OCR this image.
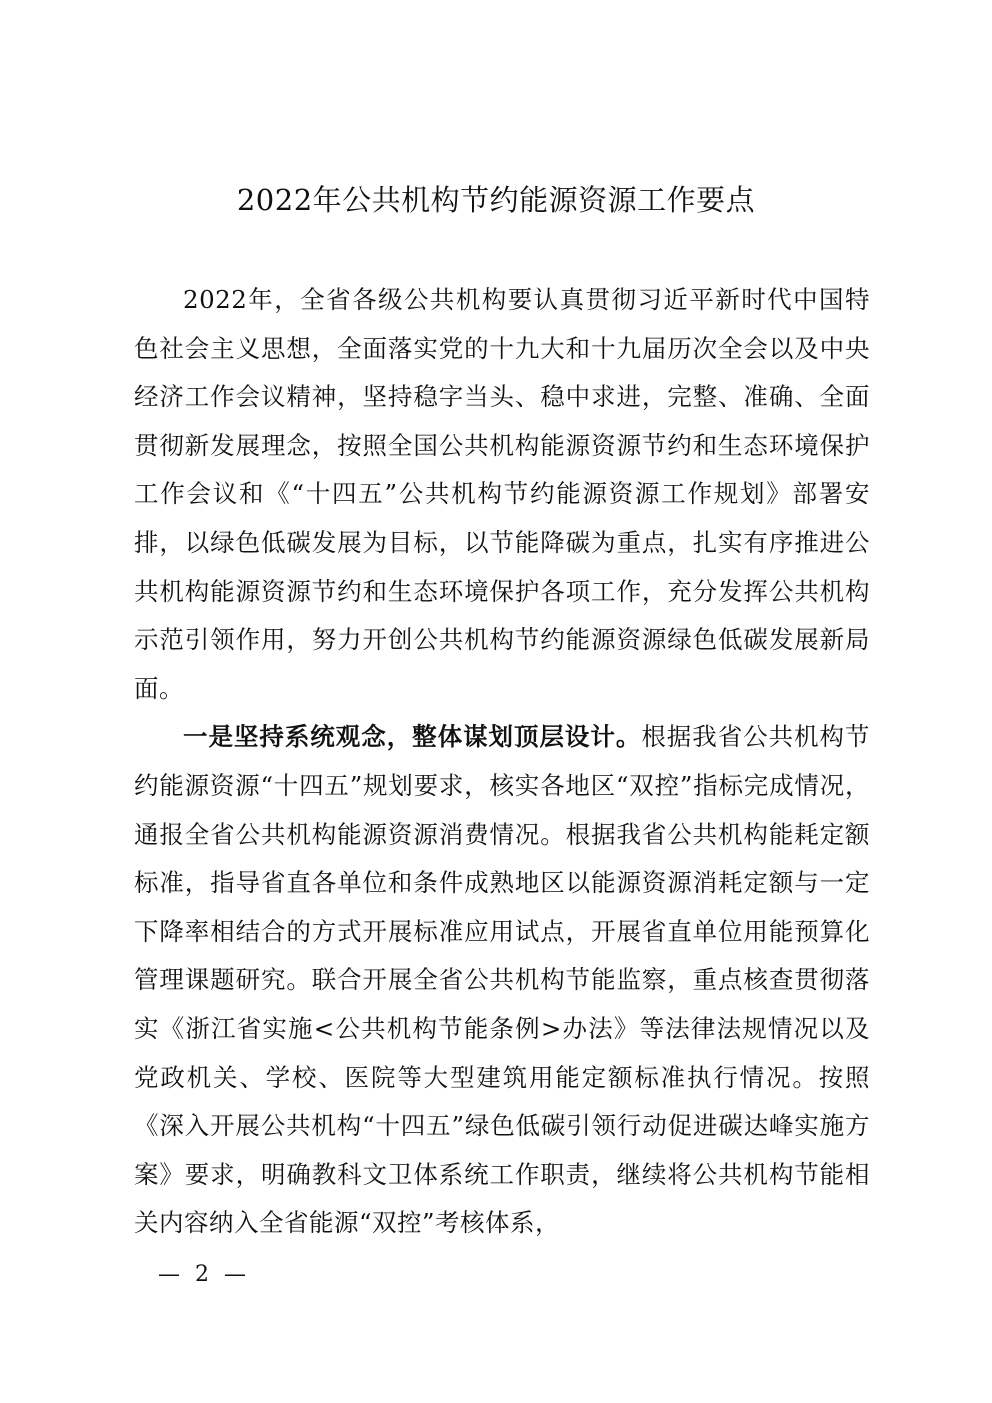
2022年公共机构节约能源资源工作要点

2022年，全省各级公共机构要认真贯彻习近平新时代中国特色社会主义思想，全面落实党的十九大和十九届历次全会以及中央经济工作会议精神，坚持稳字当头、稳中求进，完整、准确、全面贯彻新发展理念，按照全国公共机构能源资源节约和生态环境保护工作会议和《“十四五”公共机构节约能源资源工作规划》部署安排，以绿色低碳发展为目标，以节能降碳为重点，扎实有序推进公共机构能源资源节约和生态环境保护各项工作，充分发挥公共机构示范引领作用，努力开创公共机构节约能源资源绿色低碳发展新局面。

一是坚持系统观念，整体谋划顶层设计。根据我省公共机构节约能源资源“十四五”规划要求，核实各地区“双控”指标完成情况，通报全省公共机构能源资源消费情况。根据我省公共机构能耗定额标准，指导省直各单位和条件成熟地区以能源资源消耗定额与一定下降率相结合的方式开展标准应用试点，开展省直单位用能预算化管理课题研究。联合开展全省公共机构节能监察，重点核查贯彻落实《浙江省实施<公共机构节能条例>办法》等法律法规情况以及党政机关、学校、医院等大型建筑用能定额标准执行情况。按照《深入开展公共机构“十四五”绿色低碳引领行动促进碳达峰实施方案》要求，明确教科文卫体系统工作职责，继续将公共机构节能相关内容纳入全省能源“双控”考核体系，

— 2 —
